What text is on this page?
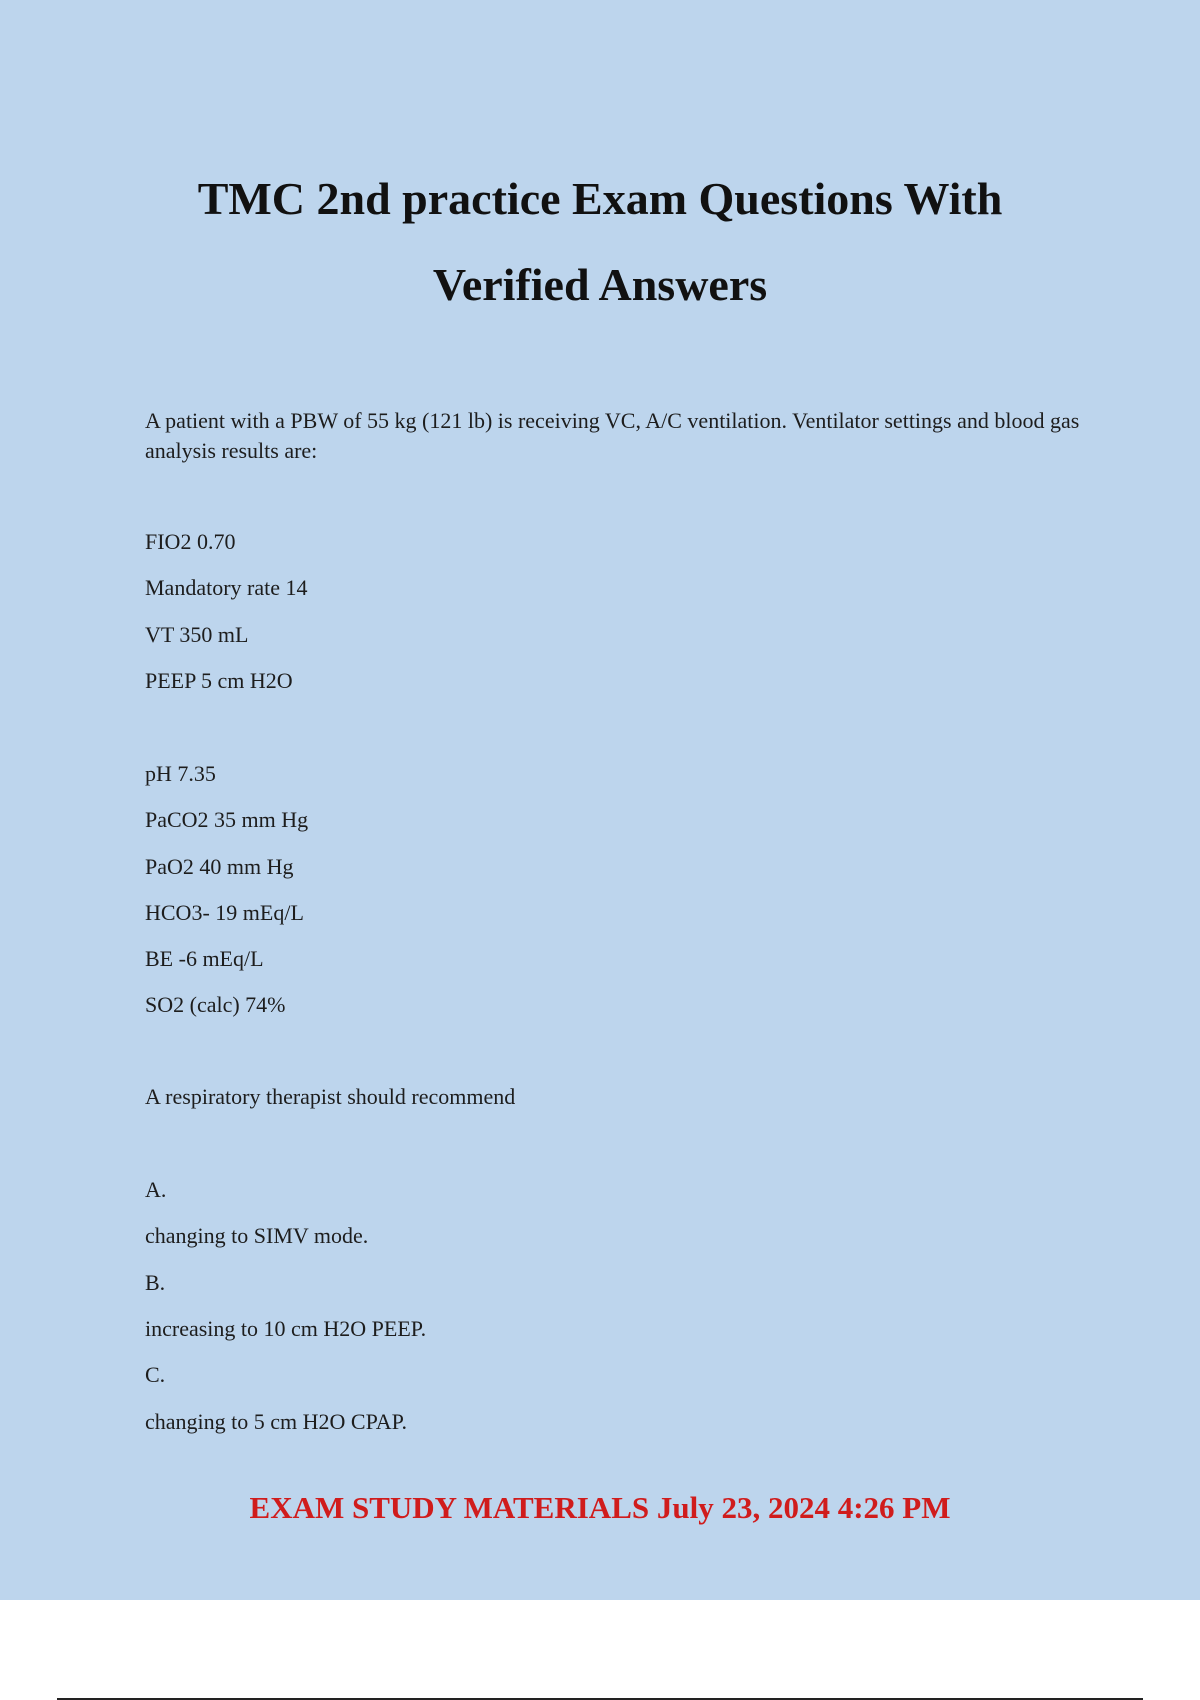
TMC 2nd practice Exam Questions With
Verified Answers
A patient with a PBW of 55 kg (121 lb) is receiving VC, A/C ventilation. Ventilator settings and blood gas analysis results are:
FIO2 0.70
Mandatory rate 14
VT 350 mL
PEEP 5 cm H2O
pH 7.35
PaCO2 35 mm Hg
PaO2 40 mm Hg
HCO3- 19 mEq/L
BE -6 mEq/L
SO2 (calc) 74%
A respiratory therapist should recommend
A.
changing to SIMV mode.
B.
increasing to 10 cm H2O PEEP.
C.
changing to 5 cm H2O CPAP.
EXAM STUDY MATERIALS July 23, 2024 4:26 PM
